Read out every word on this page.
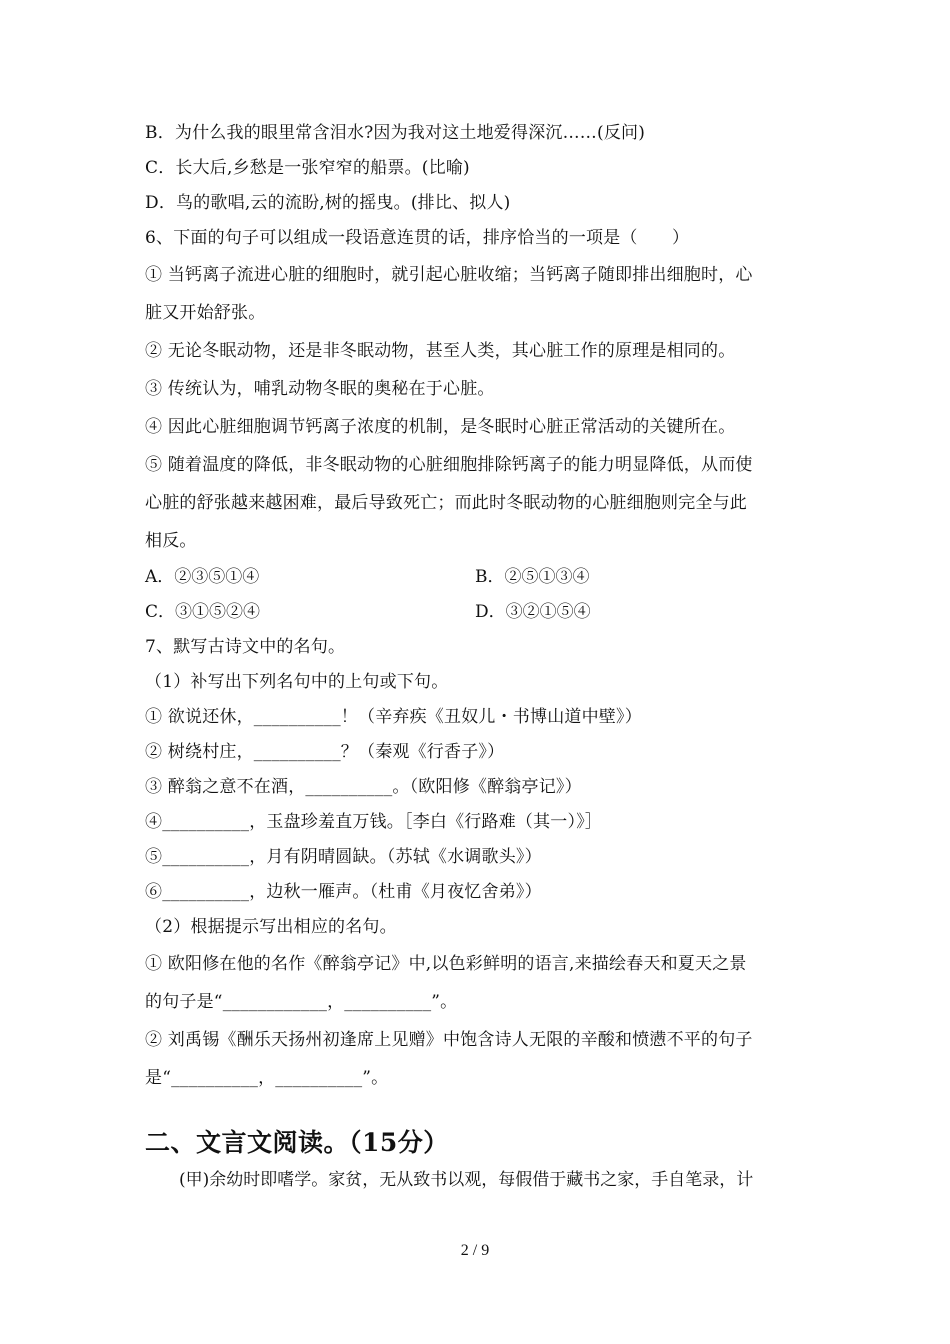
B．为什么我的眼里常含泪水?因为我对这土地爱得深沉……(反问)
C．长大后,乡愁是一张窄窄的船票。(比喻)
D．鸟的歌唱,云的流盼,树的摇曳。(排比、拟人)
6、下面的句子可以组成一段语意连贯的话，排序恰当的一项是（　　）
① 当钙离子流进心脏的细胞时，就引起心脏收缩；当钙离子随即排出细胞时，心
脏又开始舒张。
② 无论冬眠动物，还是非冬眠动物，甚至人类，其心脏工作的原理是相同的。
③ 传统认为，哺乳动物冬眠的奥秘在于心脏。
④ 因此心脏细胞调节钙离子浓度的机制，是冬眠时心脏正常活动的关键所在。
⑤ 随着温度的降低，非冬眠动物的心脏细胞排除钙离子的能力明显降低，从而使
心脏的舒张越来越困难，最后导致死亡；而此时冬眠动物的心脏细胞则完全与此
相反。
A．②③⑤①④	B．②⑤①③④
C．③①⑤②④	D．③②①⑤④
7、默写古诗文中的名句。
（1）补写出下列名句中的上句或下句。
① 欲说还休，__________！（辛弃疾《丑奴儿・书博山道中壁》）
② 树绕村庄，__________？（秦观《行香子》）
③ 醉翁之意不在酒，__________。（欧阳修《醉翁亭记》）
④__________，玉盘珍羞直万钱。［李白《行路难（其一）》］
⑤__________，月有阴晴圆缺。（苏轼《水调歌头》）
⑥__________，边秋一雁声。（杜甫《月夜忆舍弟》）
（2）根据提示写出相应的名句。
① 欧阳修在他的名作《醉翁亭记》中,以色彩鲜明的语言,来描绘春天和夏天之景
的句子是“____________，__________”。
② 刘禹锡《酬乐天扬州初逢席上见赠》中饱含诗人无限的辛酸和愤懑不平的句子
是“__________，__________”。
二、文言文阅读。（15分）
(甲)余幼时即嗜学。家贫，无从致书以观，每假借于藏书之家，手自笔录，计
2 / 9
